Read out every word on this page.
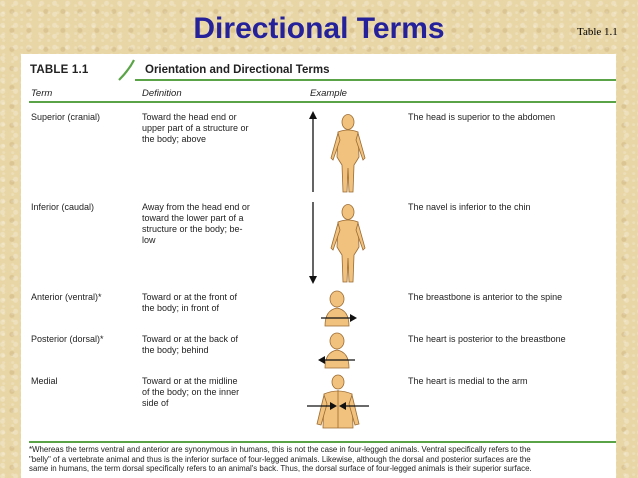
Directional Terms	Table 1.1
TABLE 1.1	Orientation and Directional Terms
Term	Definition	Example
Superior (cranial)	Toward the head end or
upper part of a structure or
the body; above
The head is superior to the abdomen
Inferior (caudal)	Away from the head end or
toward the lower part of a
structure or the body; be-
low
The navel is inferior to the chin
Anterior (ventral)*	Toward or at the front of
the body; in front of
The breastbone is anterior to the spine
Posterior (dorsal)*	Toward or at the back of
the body; behind
The heart is posterior to the breastbone
Medial	Toward or at the midline
of the body; on the inner
side of
The heart is medial to the arm
*Whereas the terms ventral and anterior are synonymous in humans, this is not the case in four-legged animals. Ventral specifically refers to the
"belly" of a vertebrate animal and thus is the inferior surface of four-legged animals. Likewise, although the dorsal and posterior surfaces are the
same in humans, the term dorsal specifically refers to an animal's back. Thus, the dorsal surface of four-legged animals is their superior surface.
